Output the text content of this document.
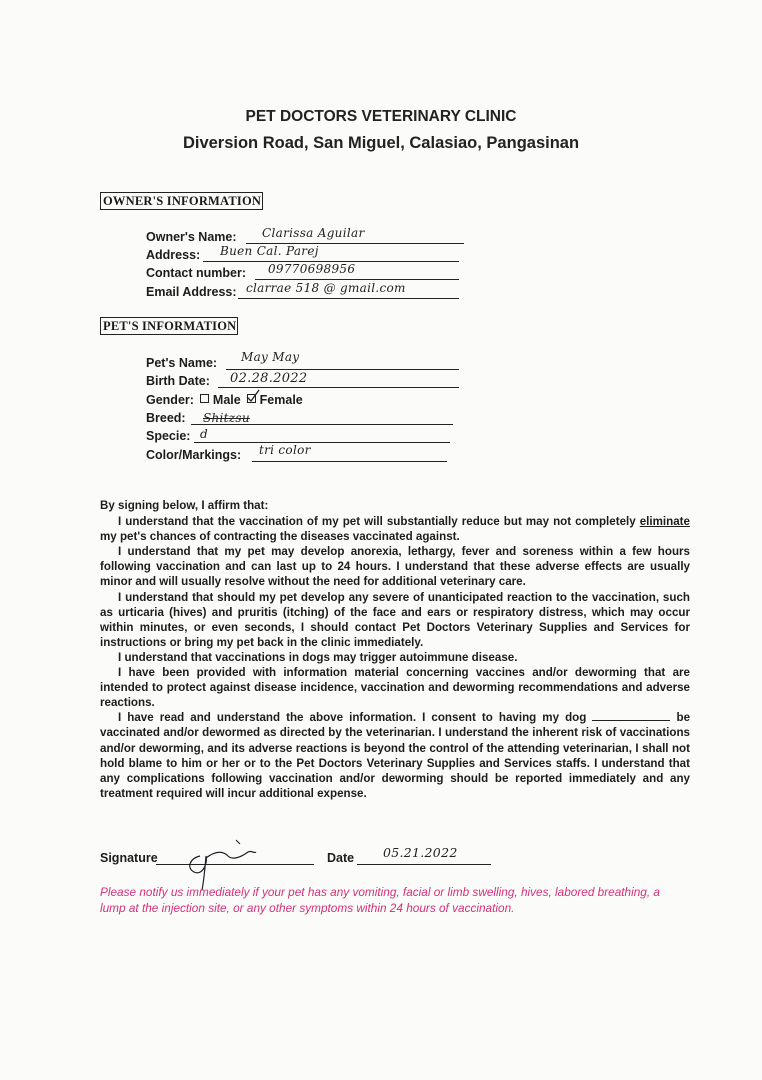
PET DOCTORS VETERINARY CLINIC
Diversion Road, San Miguel, Calasiao, Pangasinan
OWNER'S INFORMATION
Owner's Name: Clarissa Aguilar
Address: Buen Cal. Parej
Contact number: 09770698956
Email Address: clarrae 518 @ gmail.com
PET'S INFORMATION
Pet's Name: May May
Birth Date: 02.28.2022
Gender: Male Female
Breed: Shitzsu
Specie: d
Color/Markings: tri color

By signing below, I affirm that:

I understand that the vaccination of my pet will substantially reduce but may not completely eliminate my pet's chances of contracting the diseases vaccinated against.

I understand that my pet may develop anorexia, lethargy, fever and soreness within a few hours following vaccination and can last up to 24 hours. I understand that these adverse effects are usually minor and will usually resolve without the need for additional veterinary care.

I understand that should my pet develop any severe of unanticipated reaction to the vaccination, such as urticaria (hives) and pruritis (itching) of the face and ears or respiratory distress, which may occur within minutes, or even seconds, I should contact Pet Doctors Veterinary Supplies and Services for instructions or bring my pet back in the clinic immediately.

I understand that vaccinations in dogs may trigger autoimmune disease.

I have been provided with information material concerning vaccines and/or deworming that are intended to protect against disease incidence, vaccination and deworming recommendations and adverse reactions.

I have read and understand the above information. I consent to having my dog	be vaccinated and/or dewormed as directed by the veterinarian. I understand the inherent risk of vaccinations and/or deworming, and its adverse reactions is beyond the control of the attending veterinarian, I shall not hold blame to him or her or to the Pet Doctors Veterinary Supplies and Services staffs. I understand that any complications following vaccination and/or deworming should be reported immediately and any treatment required will incur additional expense.

Signature	Date 05.21.2022
Please notify us immediately if your pet has any vomiting, facial or limb swelling, hives, labored breathing, a lump at the injection site, or any other symptoms within 24 hours of vaccination.
